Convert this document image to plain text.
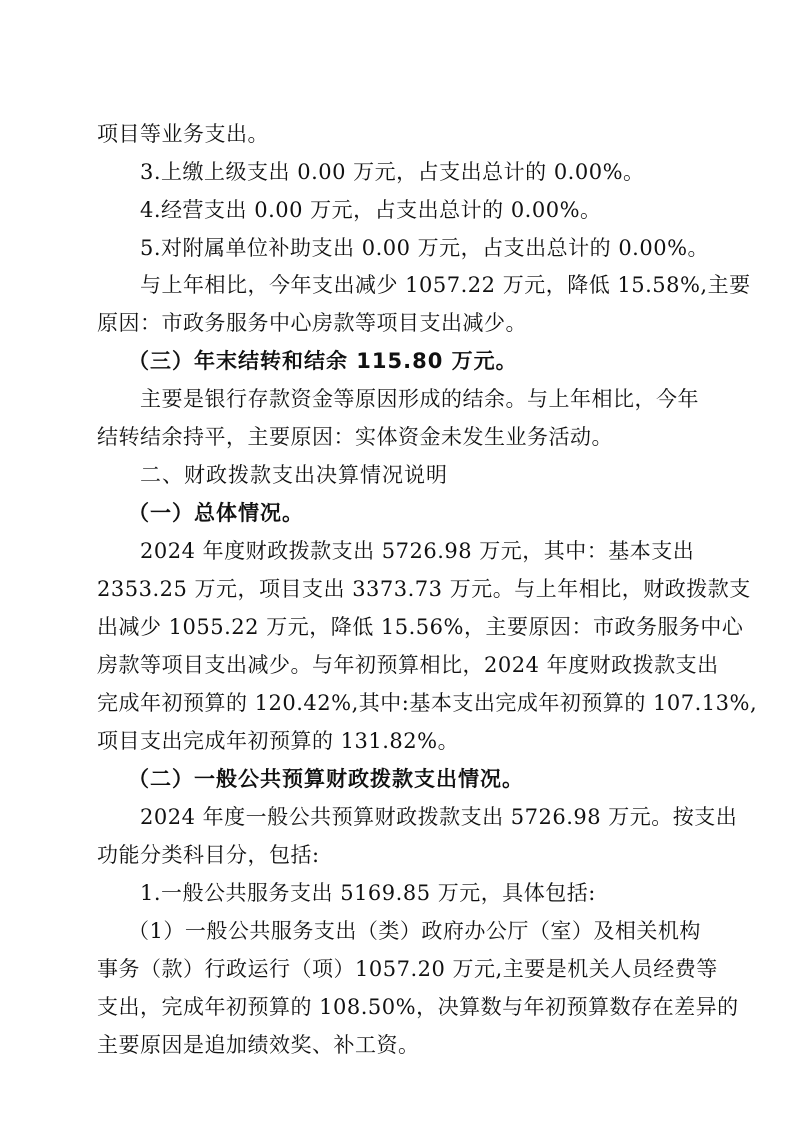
项目等业务支出。
3.上缴上级支出 0.00 万元，占支出总计的 0.00%。
4.经营支出 0.00 万元，占支出总计的 0.00%。
5.对附属单位补助支出 0.00 万元，占支出总计的 0.00%。
与上年相比，今年支出减少 1057.22 万元，降低 15.58%,主要
原因：市政务服务中心房款等项目支出减少。
（三）年末结转和结余 115.80 万元。
主要是银行存款资金等原因形成的结余。与上年相比，今年
结转结余持平，主要原因：实体资金未发生业务活动。
二、财政拨款支出决算情况说明
（一）总体情况。
2024 年度财政拨款支出 5726.98 万元，其中：基本支出
2353.25 万元，项目支出 3373.73 万元。与上年相比，财政拨款支
出减少 1055.22 万元，降低 15.56%，主要原因：市政务服务中心
房款等项目支出减少。与年初预算相比，2024 年度财政拨款支出
完成年初预算的 120.42%,其中:基本支出完成年初预算的 107.13%,
项目支出完成年初预算的 131.82%。
（二）一般公共预算财政拨款支出情况。
2024 年度一般公共预算财政拨款支出 5726.98 万元。按支出
功能分类科目分，包括:
1.一般公共服务支出 5169.85 万元，具体包括:
（1）一般公共服务支出（类）政府办公厅（室）及相关机构
事务（款）行政运行（项）1057.20 万元,主要是机关人员经费等
支出，完成年初预算的 108.50%，决算数与年初预算数存在差异的
主要原因是追加绩效奖、补工资。
